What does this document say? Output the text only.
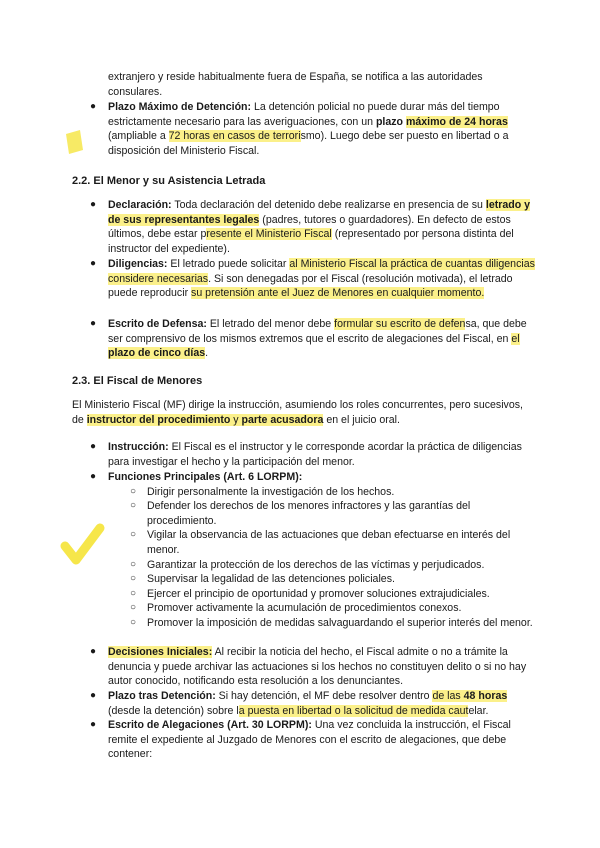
extranjero y reside habitualmente fuera de España, se notifica a las autoridades consulares.
● Plazo Máximo de Detención: La detención policial no puede durar más del tiempo estrictamente necesario para las averiguaciones, con un plazo máximo de 24 horas (ampliable a 72 horas en casos de terrorismo). Luego debe ser puesto en libertad o a disposición del Ministerio Fiscal.
2.2. El Menor y su Asistencia Letrada
● Declaración: Toda declaración del detenido debe realizarse en presencia de su letrado y de sus representantes legales (padres, tutores o guardadores). En defecto de estos últimos, debe estar presente el Ministerio Fiscal (representado por persona distinta del instructor del expediente).
● Diligencias: El letrado puede solicitar al Ministerio Fiscal la práctica de cuantas diligencias considere necesarias. Si son denegadas por el Fiscal (resolución motivada), el letrado puede reproducir su pretensión ante el Juez de Menores en cualquier momento.
● Escrito de Defensa: El letrado del menor debe formular su escrito de defensa, que debe ser comprensivo de los mismos extremos que el escrito de alegaciones del Fiscal, en el plazo de cinco días.
2.3. El Fiscal de Menores
El Ministerio Fiscal (MF) dirige la instrucción, asumiendo los roles concurrentes, pero sucesivos, de instructor del procedimiento y parte acusadora en el juicio oral.
● Instrucción: El Fiscal es el instructor y le corresponde acordar la práctica de diligencias para investigar el hecho y la participación del menor.
● Funciones Principales (Art. 6 LORPM):
○ Dirigir personalmente la investigación de los hechos.
○ Defender los derechos de los menores infractores y las garantías del procedimiento.
○ Vigilar la observancia de las actuaciones que deban efectuarse en interés del menor.
○ Garantizar la protección de los derechos de las víctimas y perjudicados.
○ Supervisar la legalidad de las detenciones policiales.
○ Ejercer el principio de oportunidad y promover soluciones extrajudiciales.
○ Promover activamente la acumulación de procedimientos conexos.
○ Promover la imposición de medidas salvaguardando el superior interés del menor.
● Decisiones Iniciales: Al recibir la noticia del hecho, el Fiscal admite o no a trámite la denuncia y puede archivar las actuaciones si los hechos no constituyen delito o si no hay autor conocido, notificando esta resolución a los denunciantes.
● Plazo tras Detención: Si hay detención, el MF debe resolver dentro de las 48 horas (desde la detención) sobre la puesta en libertad o la solicitud de medida cautelar.
● Escrito de Alegaciones (Art. 30 LORPM): Una vez concluida la instrucción, el Fiscal remite el expediente al Juzgado de Menores con el escrito de alegaciones, que debe contener:
